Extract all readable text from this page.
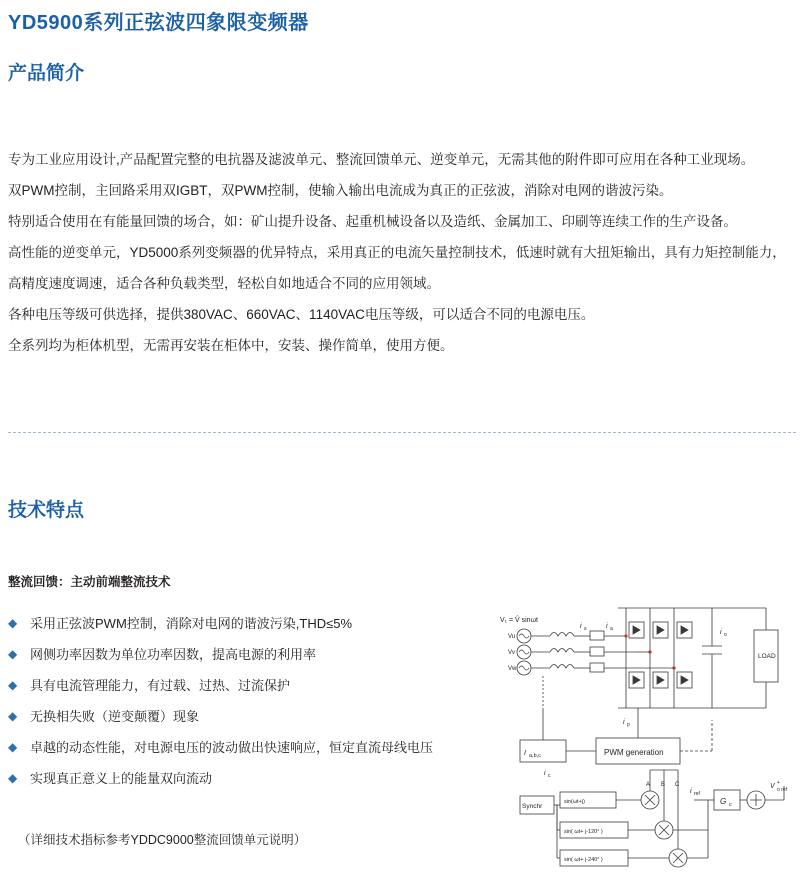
YD5900系列正弦波四象限变频器
产品简介
专为工业应用设计,产品配置完整的电抗器及滤波单元、整流回馈单元、逆变单元，无需其他的附件即可应用在各种工业现场。
双PWM控制，主回路采用双IGBT，双PWM控制，使输入输出电流成为真正的正弦波，消除对电网的谐波污染。
特别适合使用在有能量回馈的场合，如：矿山提升设备、起重机械设备以及造纸、金属加工、印刷等连续工作的生产设备。
高性能的逆变单元，YD5000系列变频器的优异特点，采用真正的电流矢量控制技术，低速时就有大扭矩输出，具有力矩控制能力，
高精度速度调速，适合各种负载类型，轻松自如地适合不同的应用领域。
各种电压等级可供选择，提供380VAC、660VAC、1140VAC电压等级，可以适合不同的电源电压。
全系列均为柜体机型，无需再安装在柜体中，安装、操作简单，使用方便。
技术特点
整流回馈：主动前端整流技术
◆ 采用正弦波PWM控制，消除对电网的谐波污染,THD≤5%
◆ 网侧功率因数为单位功率因数，提高电源的利用率
◆ 具有电流管理能力，有过载、过热、过流保护
◆ 无换相失败（逆变颠覆）现象
◆ 卓越的动态性能，对电源电压的波动做出快速响应，恒定直流母线电压
◆ 实现真正意义上的能量双向流动
（详细技术指标参考YDDC9000整流回馈单元说明）
V₁ = V̂ sinωt
Vu
Vv
Vw
i s	i a
LOAD
i o
PWM generation
I a,b,c
i c
i p
Synchr
sin(ωt+j)
sin( ωt+ j-120° )
sin( ωt+ j-240° )
A B C
i ref
G c
V +
o ref
